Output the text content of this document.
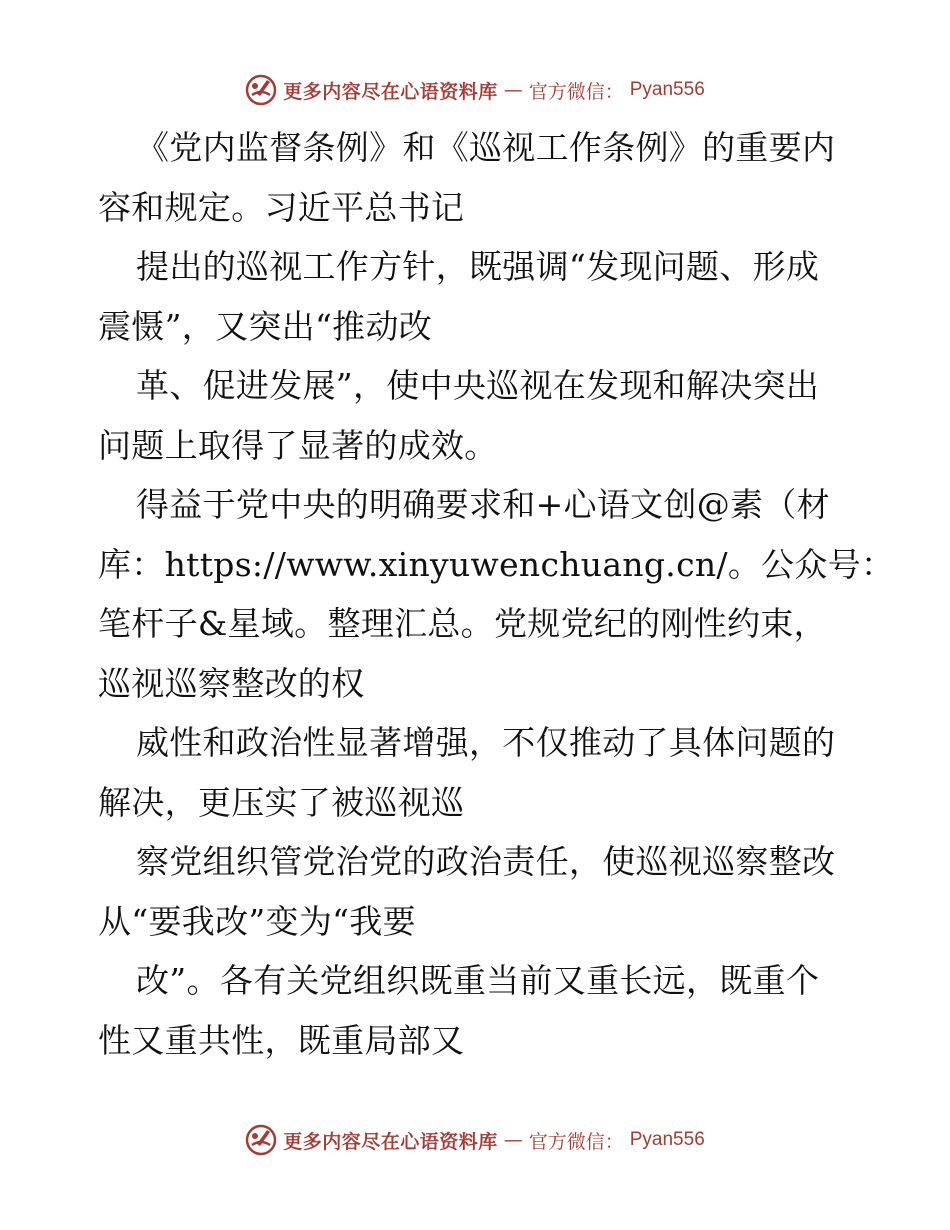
更多内容尽在心语资料库 — 官方微信： Pyan556
《党内监督条例》和《巡视工作条例》的重要内
容和规定。习近平总书记
提出的巡视工作方针，既强调“发现问题、形成
震慑”，又突出“推动改
革、促进发展”，使中央巡视在发现和解决突出
问题上取得了显著的成效。
得益于党中央的明确要求和+心语文创@素（材
库：https://www.xinyuwenchuang.cn/。公众号：
笔杆子&星域。整理汇总。党规党纪的刚性约束，
巡视巡察整改的权
威性和政治性显著增强，不仅推动了具体问题的
解决，更压实了被巡视巡
察党组织管党治党的政治责任，使巡视巡察整改
从“要我改”变为“我要
改”。各有关党组织既重当前又重长远，既重个
性又重共性，既重局部又
更多内容尽在心语资料库 — 官方微信： Pyan556
